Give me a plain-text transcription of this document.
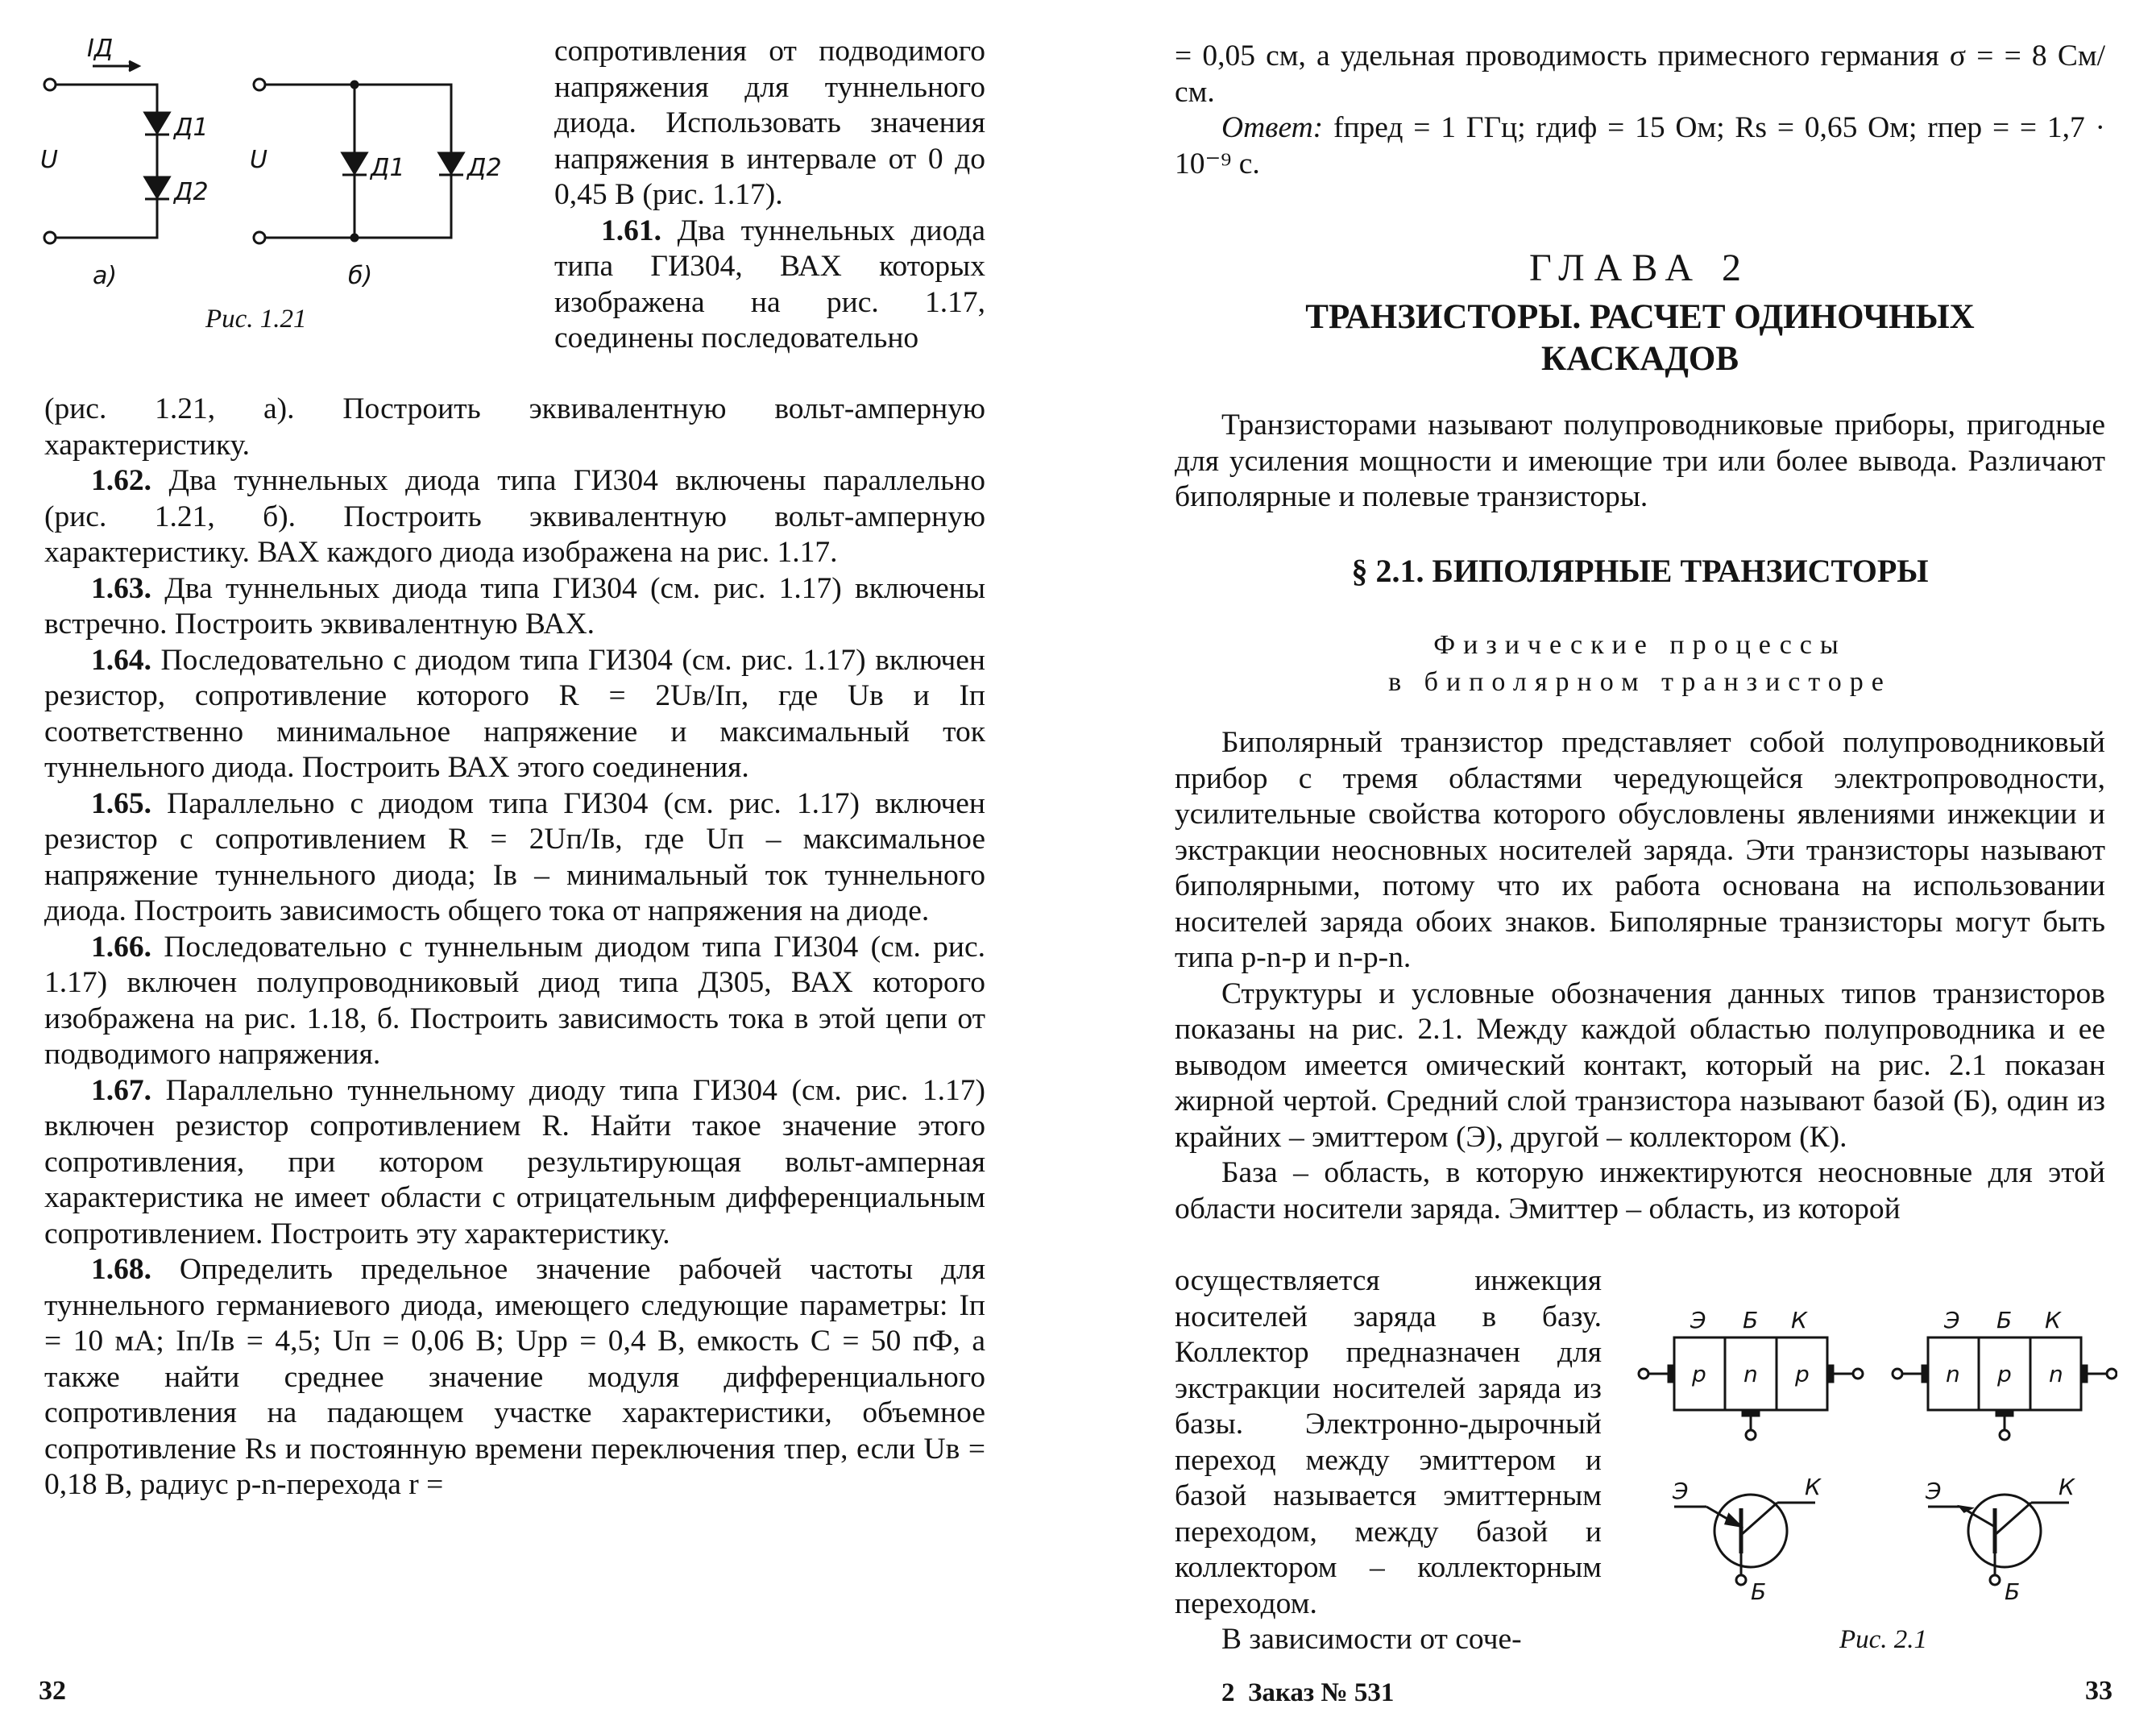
IД
U
Д1
Д2
U	Д1	Д2
а)	б)
Рис. 1.21

сопротивления от подводимого напряжения для туннельного диода. Использовать значения напряжения в интервале от 0 до 0,45 В (рис. 1.17).

1.61. Два туннельных диода типа ГИ304, ВАХ которых изображена на рис. 1.17, соединены последовательно

(рис. 1.21, а). Построить эквивалентную вольт-амперную характеристику.

1.62. Два туннельных диода типа ГИ304 включены параллельно (рис. 1.21, б). Построить эквивалентную вольт-амперную характеристику. ВАХ каждого диода изображена на рис. 1.17.

1.63. Два туннельных диода типа ГИ304 (см. рис. 1.17) включены встречно. Построить эквивалентную ВАХ.

1.64. Последовательно с диодом типа ГИ304 (см. рис. 1.17) включен резистор, сопротивление которого R = 2Uв/Iп, где Uв и Iп соответственно минимальное напряжение и максимальный ток туннельного диода. Построить ВАХ этого соединения.

1.65. Параллельно с диодом типа ГИ304 (см. рис. 1.17) включен резистор с сопротивлением R = 2Uп/Iв, где Uп – максимальное напряжение туннельного диода; Iв – минимальный ток туннельного диода. Построить зависимость общего тока от напряжения на диоде.

1.66. Последовательно с туннельным диодом типа ГИ304 (см. рис. 1.17) включен полупроводниковый диод типа Д305, ВАХ которого изображена на рис. 1.18, б. Построить зависимость тока в этой цепи от подводимого напряжения.

1.67. Параллельно туннельному диоду типа ГИ304 (см. рис. 1.17) включен резистор сопротивлением R. Найти такое значение этого сопротивления, при котором результирующая вольт-амперная характеристика не имеет области с отрицательным дифференциальным сопротивлением. Построить эту характеристику.

1.68. Определить предельное значение рабочей частоты для туннельного германиевого диода, имеющего следующие параметры: Iп = 10 мА; Iп/Iв = 4,5; Uп = 0,06 В; Uрр = 0,4 В, емкость C = 50 пФ, а также найти среднее значение модуля дифференциального сопротивления на падающем участке характеристики, объемное сопротивление Rs и постоянную времени переключения τпер, если Uв = 0,18 В, радиус p-n-перехода r =

32

= 0,05 см, а удельная проводимость примесного германия σ = = 8 См/см.

Ответ: fпред = 1 ГГц; rдиф = 15 Ом; Rs = 0,65 Ом; rпер = = 1,7 · 10⁻⁹ с.

ГЛАВА 2
ТРАНЗИСТОРЫ. РАСЧЕТ ОДИНОЧНЫХ КАСКАДОВ

Транзисторами называют полупроводниковые приборы, пригодные для усиления мощности и имеющие три или более вывода. Различают биполярные и полевые транзисторы.

§ 2.1. БИПОЛЯРНЫЕ ТРАНЗИСТОРЫ
Физические процессы
в биполярном транзисторе

Биполярный транзистор представляет собой полупроводниковый прибор с тремя областями чередующейся электропроводности, усилительные свойства которого обусловлены явлениями инжекции и экстракции неосновных носителей заряда. Эти транзисторы называют биполярными, потому что их работа основана на использовании носителей заряда обоих знаков. Биполярные транзисторы могут быть типа p-n-p и n-p-n.

Структуры и условные обозначения данных типов транзисторов показаны на рис. 2.1. Между каждой областью полупроводника и ее выводом имеется омический контакт, который на рис. 2.1 показан жирной чертой. Средний слой транзистора называют базой (Б), один из крайних – эмиттером (Э), другой – коллектором (К).

База – область, в которую инжектируются неосновные для этой области носители заряда. Эмиттер – область, из которой

осуществляется инжекция носителей заряда в базу. Коллектор предназначен для экстракции носителей заряда из базы. Электронно-дырочный переход между эмиттером и базой называется эмиттерным переходом, между базой и коллектором – коллекторным переходом.

В зависимости от соче-

Э Б К
p n p
Э Б К
n p n
Э	К
Б
Э	К
Б
Рис. 2.1
2  Заказ № 531	33
